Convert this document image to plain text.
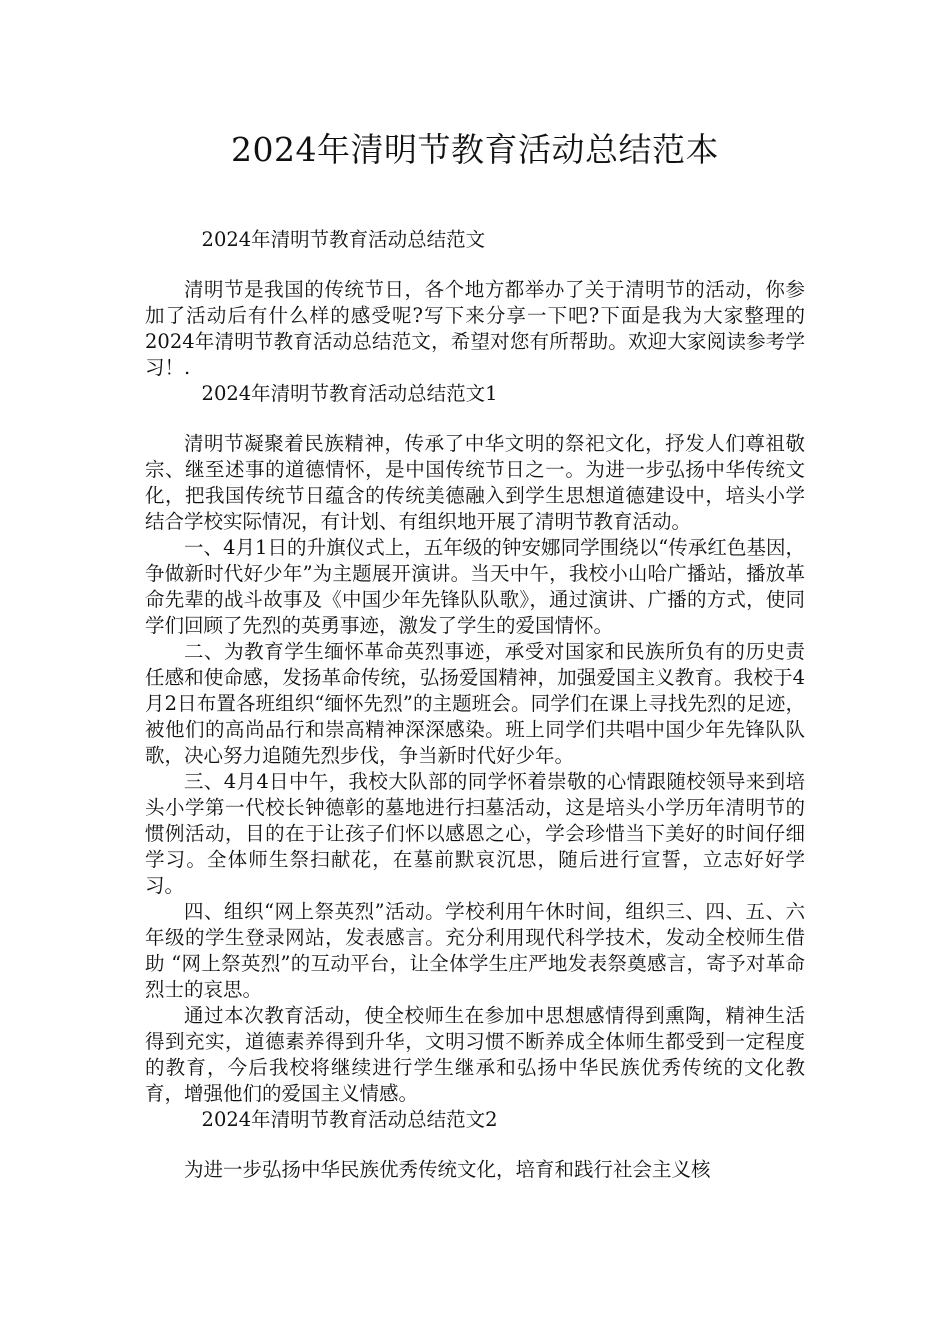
2024年清明节教育活动总结范本

2024年清明节教育活动总结范文

清明节是我国的传统节日，各个地方都举办了关于清明节的活动，你参加了活动后有什么样的感受呢?写下来分享一下吧?下面是我为大家整理的2024年清明节教育活动总结范文，希望对您有所帮助。欢迎大家阅读参考学习！.

2024年清明节教育活动总结范文1

清明节凝聚着民族精神，传承了中华文明的祭祀文化，抒发人们尊祖敬宗、继至述事的道德情怀，是中国传统节日之一。为进一步弘扬中华传统文化，把我国传统节日蕴含的传统美德融入到学生思想道德建设中，培头小学结合学校实际情况，有计划、有组织地开展了清明节教育活动。

一、4月1日的升旗仪式上，五年级的钟安娜同学围绕以“传承红色基因，争做新时代好少年”为主题展开演讲。当天中午，我校小山哈广播站，播放革命先辈的战斗故事及《中国少年先锋队队歌》，通过演讲、广播的方式，使同学们回顾了先烈的英勇事迹，激发了学生的爱国情怀。

二、为教育学生缅怀革命英烈事迹，承受对国家和民族所负有的历史责任感和使命感，发扬革命传统，弘扬爱国精神，加强爱国主义教育。我校于4月2日布置各班组织“缅怀先烈”的主题班会。同学们在课上寻找先烈的足迹，被他们的高尚品行和崇高精神深深感染。班上同学们共唱中国少年先锋队队歌，决心努力追随先烈步伐，争当新时代好少年。

三、4月4日中午，我校大队部的同学怀着崇敬的心情跟随校领导来到培头小学第一代校长钟德彰的墓地进行扫墓活动，这是培头小学历年清明节的惯例活动，目的在于让孩子们怀以感恩之心，学会珍惜当下美好的时间仔细学习。全体师生祭扫献花，在墓前默哀沉思，随后进行宣誓，立志好好学习。

四、组织“网上祭英烈”活动。学校利用午休时间，组织三、四、五、六年级的学生登录网站，发表感言。充分利用现代科学技术，发动全校师生借助 “网上祭英烈”的互动平台，让全体学生庄严地发表祭奠感言，寄予对革命烈士的哀思。

通过本次教育活动，使全校师生在参加中思想感情得到熏陶，精神生活得到充实，道德素养得到升华，文明习惯不断养成全体师生都受到一定程度的教育，今后我校将继续进行学生继承和弘扬中华民族优秀传统的文化教育，增强他们的爱国主义情感。

2024年清明节教育活动总结范文2

为进一步弘扬中华民族优秀传统文化，培育和践行社会主义核
